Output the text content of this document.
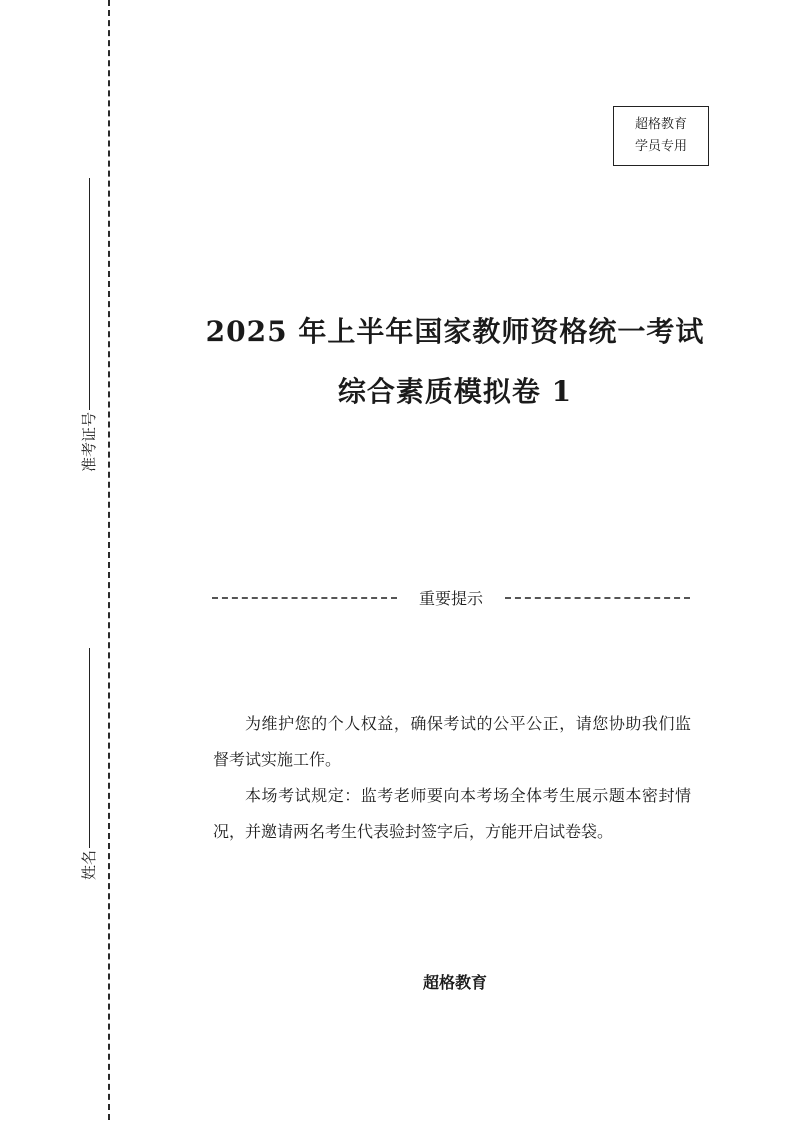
准考证号
姓名
超格教育
学员专用
2025 年上半年国家教师资格统一考试
综合素质模拟卷 1
重要提示

为维护您的个人权益，确保考试的公平公正，请您协助我们监督考试实施工作。

本场考试规定：监考老师要向本考场全体考生展示题本密封情况，并邀请两名考生代表验封签字后，方能开启试卷袋。

超格教育
